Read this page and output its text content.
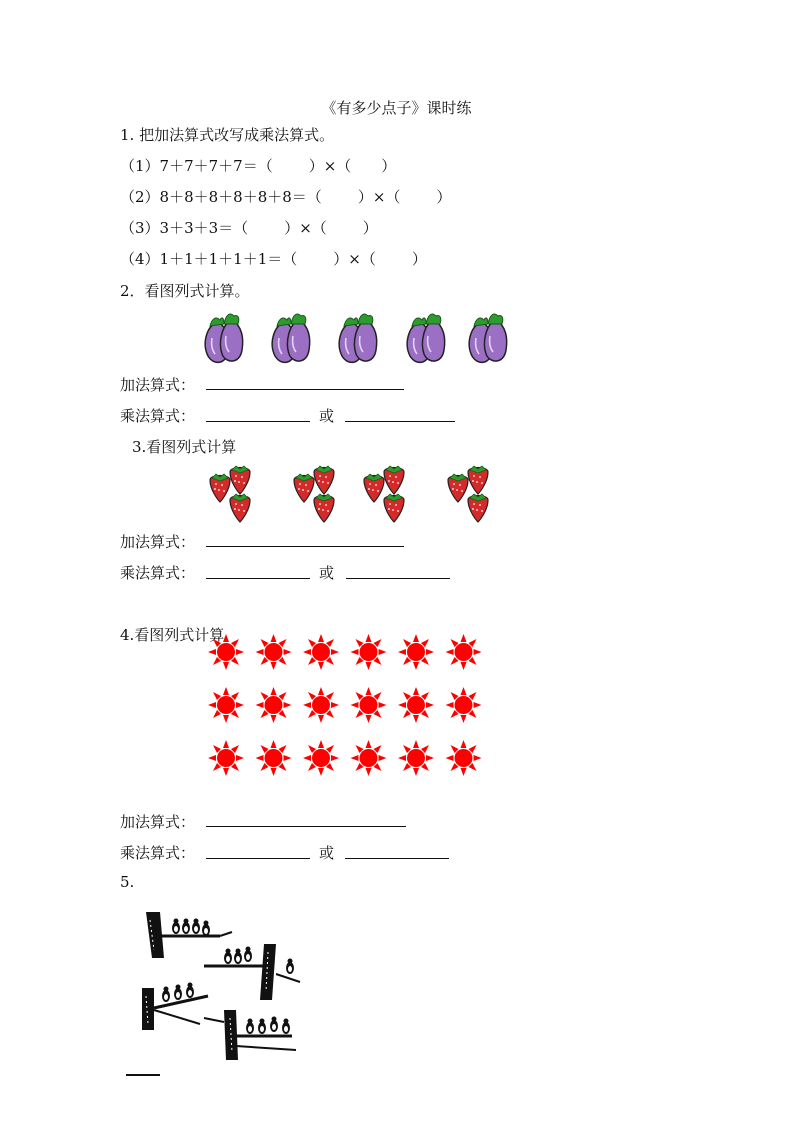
《有多少点子》课时练
1. 把加法算式改写成乘法算式。
（1）7＋7＋7＋7＝（ ）×（ ）
（2）8＋8＋8＋8＋8＋8＝（ ）×（ ）
（3）3＋3＋3＝（ ）×（ ）
（4）1＋1＋1＋1＋1＝（ ）×（ ）
2．看图列式计算。
加法算式：
乘法算式：	或
3.看图列式计算
加法算式：
乘法算式：	或
4.看图列式计算
加法算式：
乘法算式：	或
5.
